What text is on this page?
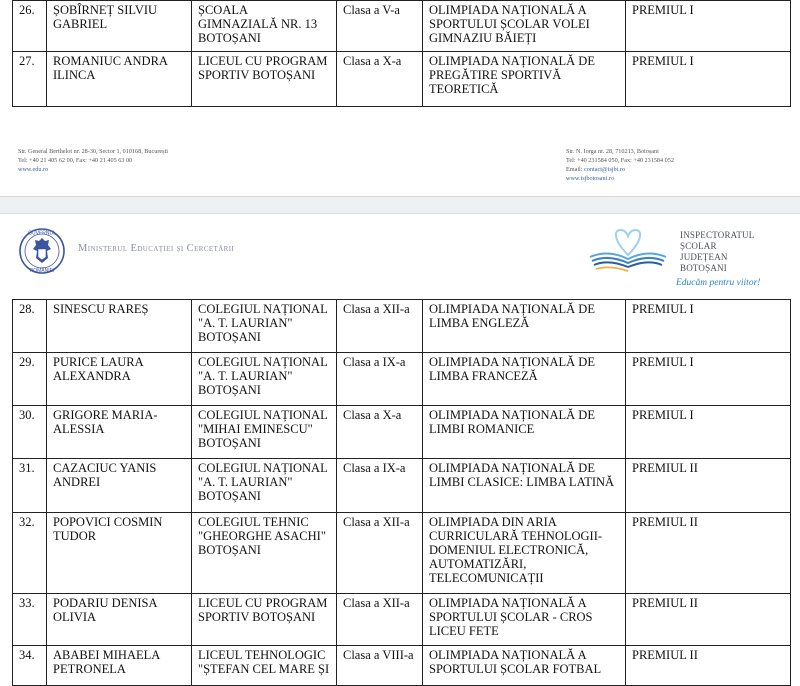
26.	ȘOBÎRNEȚ SILVIU GABRIEL	ȘCOALA GIMNAZIALĂ NR. 13 BOTOȘANI	Clasa a V-a	OLIMPIADA NAȚIONALĂ A SPORTULUI ȘCOLAR VOLEI GIMNAZIU BĂIEȚI	PREMIUL I
27.	ROMANIUC ANDRA ILINCA	LICEUL CU PROGRAM SPORTIV BOTOȘANI	Clasa a X-a	OLIMPIADA NAȚIONALĂ DE PREGĂTIRE SPORTIVĂ TEORETICĂ	PREMIUL I
Str. General Berthelot nr. 28-30, Sector 1, 010168, București
Tel: +40 21 405 62 00, Fax: +40 21 405 63 00
www.edu.ro
Str. N. Iorga nr. 28, 710213, Botoșani
Tel: +40 231584 050, Fax: +40 231584 052
Email: contact@isjbt.ro
www.isjbotosani.ro
GUVERNUL
ROMÂNIEI
Ministerul Educației și Cercetării
INSPECTORATUL
ȘCOLAR
JUDEȚEAN
BOTOȘANI
Educăm pentru viitor!
28.	SINESCU RAREȘ	COLEGIUL NAȚIONAL "A. T. LAURIAN" BOTOȘANI	Clasa a XII-a	OLIMPIADA NAȚIONALĂ DE LIMBA ENGLEZĂ	PREMIUL I
29.	PURICE LAURA ALEXANDRA	COLEGIUL NAȚIONAL "A. T. LAURIAN" BOTOȘANI	Clasa a IX-a	OLIMPIADA NAȚIONALĂ DE LIMBA FRANCEZĂ	PREMIUL I
30.	GRIGORE MARIA-ALESSIA	COLEGIUL NAȚIONAL "MIHAI EMINESCU" BOTOȘANI	Clasa a X-a	OLIMPIADA NAȚIONALĂ DE LIMBI ROMANICE	PREMIUL I
31.	CAZACIUC YANIS ANDREI	COLEGIUL NAȚIONAL "A. T. LAURIAN" BOTOȘANI	Clasa a IX-a	OLIMPIADA NAȚIONALĂ DE LIMBI CLASICE: LIMBA LATINĂ	PREMIUL II
32.	POPOVICI COSMIN TUDOR	COLEGIUL TEHNIC "GHEORGHE ASACHI" BOTOȘANI	Clasa a XII-a	OLIMPIADA DIN ARIA CURRICULARĂ TEHNOLOGII-DOMENIUL ELECTRONICĂ, AUTOMATIZĂRI, TELECOMUNICAȚII	PREMIUL II
33.	PODARIU DENISA OLIVIA	LICEUL CU PROGRAM SPORTIV BOTOȘANI	Clasa a XII-a	OLIMPIADA NAȚIONALĂ A SPORTULUI ȘCOLAR - CROS LICEU FETE	PREMIUL II
34.	ABABEI MIHAELA PETRONELA	LICEUL TEHNOLOGIC "ȘTEFAN CEL MARE ȘI	Clasa a VIII-a	OLIMPIADA NAȚIONALĂ A SPORTULUI ȘCOLAR FOTBAL	PREMIUL II
